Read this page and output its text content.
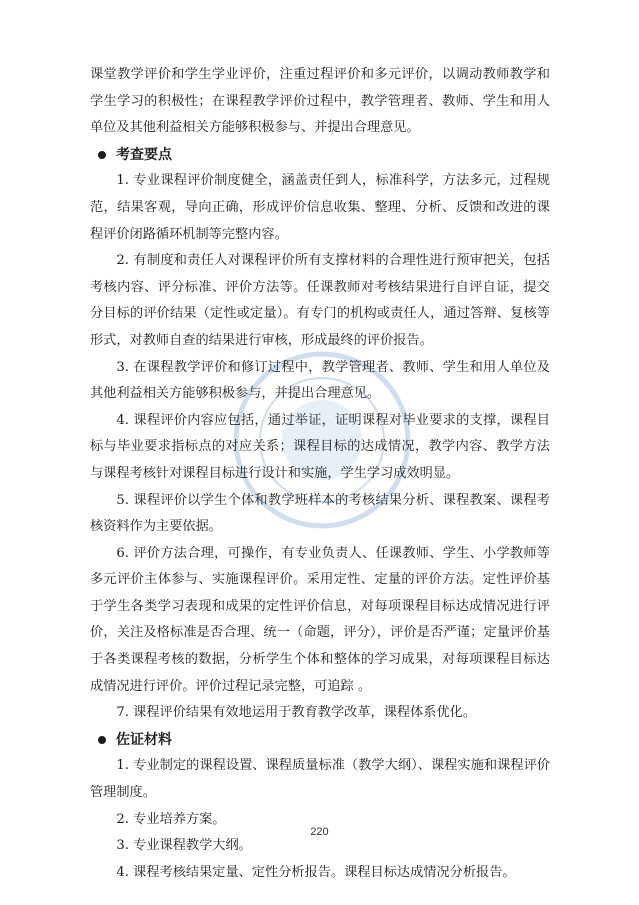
课堂教学评价和学生学业评价，注重过程评价和多元评价，以调动教师教学和学生学习的积极性；在课程教学评价过程中，教学管理者、教师、学生和用人单位及其他利益相关方能够积极参与、并提出合理意见。

考查要点

1. 专业课程评价制度健全，涵盖责任到人，标准科学，方法多元，过程规范，结果客观，导向正确，形成评价信息收集、整理、分析、反馈和改进的课程评价闭路循环机制等完整内容。

2. 有制度和责任人对课程评价所有支撑材料的合理性进行预审把关，包括考核内容、评分标准、评价方法等。任课教师对考核结果进行自评自证，提交分目标的评价结果（定性或定量）。有专门的机构或责任人，通过答辩、复核等形式，对教师自查的结果进行审核，形成最终的评价报告。

3. 在课程教学评价和修订过程中，教学管理者、教师、学生和用人单位及其他利益相关方能够积极参与，并提出合理意见。

4. 课程评价内容应包括，通过举证，证明课程对毕业要求的支撑，课程目标与毕业要求指标点的对应关系；课程目标的达成情况，教学内容、教学方法与课程考核针对课程目标进行设计和实施，学生学习成效明显。

5. 课程评价以学生个体和教学班样本的考核结果分析、课程教案、课程考核资料作为主要依据。

6. 评价方法合理，可操作，有专业负责人、任课教师、学生、小学教师等多元评价主体参与、实施课程评价。采用定性、定量的评价方法。定性评价基于学生各类学习表现和成果的定性评价信息，对每项课程目标达成情况进行评价，关注及格标准是否合理、统一（命题，评分），评价是否严谨；定量评价基于各类课程考核的数据，分析学生个体和整体的学习成果，对每项课程目标达成情况进行评价。评价过程记录完整，可追踪 。

7. 课程评价结果有效地运用于教育教学改革，课程体系优化。

佐证材料

1. 专业制定的课程设置、课程质量标准（教学大纲）、课程实施和课程评价管理制度。

2. 专业培养方案。

3. 专业课程教学大纲。

4. 课程考核结果定量、定性分析报告。课程目标达成情况分析报告。

220
